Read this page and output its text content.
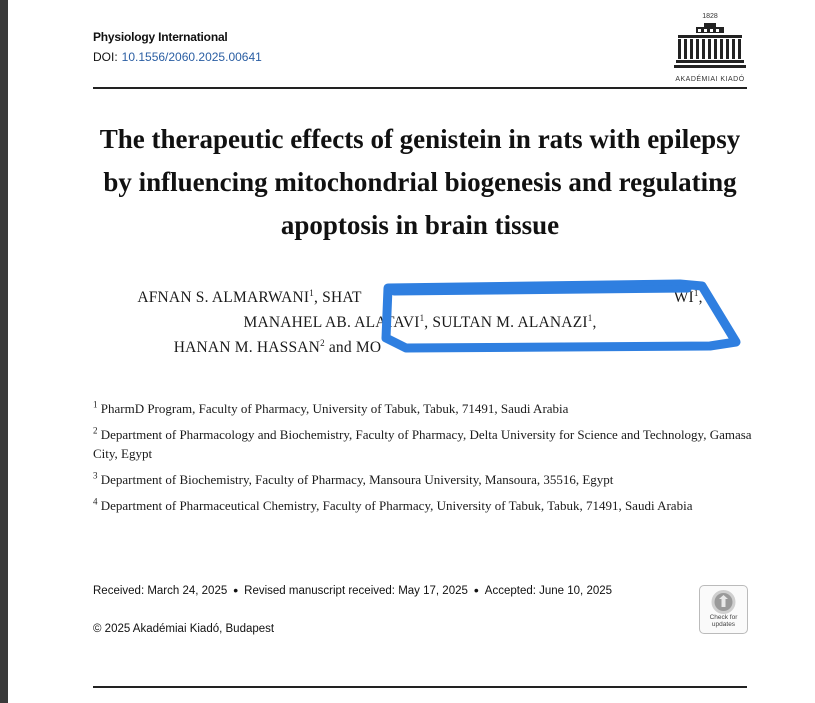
Physiology International
DOI: 10.1556/2060.2025.00641
1828
AKADÉMIAI KIADÓ
The therapeutic effects of genistein in rats with epilepsy by influencing mitochondrial biogenesis and regulating apoptosis in brain tissue

AFNAN S. ALMARWANI$^1$, SHAT	$WI^1$,

MANAHEL AB. ALATAVI$^1$, SULTAN M. ALANAZI$^1$,

HANAN M. HASSAN$^2$ and MO

$^1$ PharmD Program, Faculty of Pharmacy, University of Tabuk, Tabuk, 71491, Saudi Arabia

$^2$ Department of Pharmacology and Biochemistry, Faculty of Pharmacy, Delta University for Science and Technology, Gamasa City, Egypt

$^3$ Department of Biochemistry, Faculty of Pharmacy, Mansoura University, Mansoura, 35516, Egypt

$^4$ Department of Pharmaceutical Chemistry, Faculty of Pharmacy, University of Tabuk, Tabuk, 71491, Saudi Arabia

Received: March 24, 2025 • Revised manuscript received: May 17, 2025 • Accepted: June 10, 2025
© 2025 Akadémiai Kiadó, Budapest
Check for
updates
